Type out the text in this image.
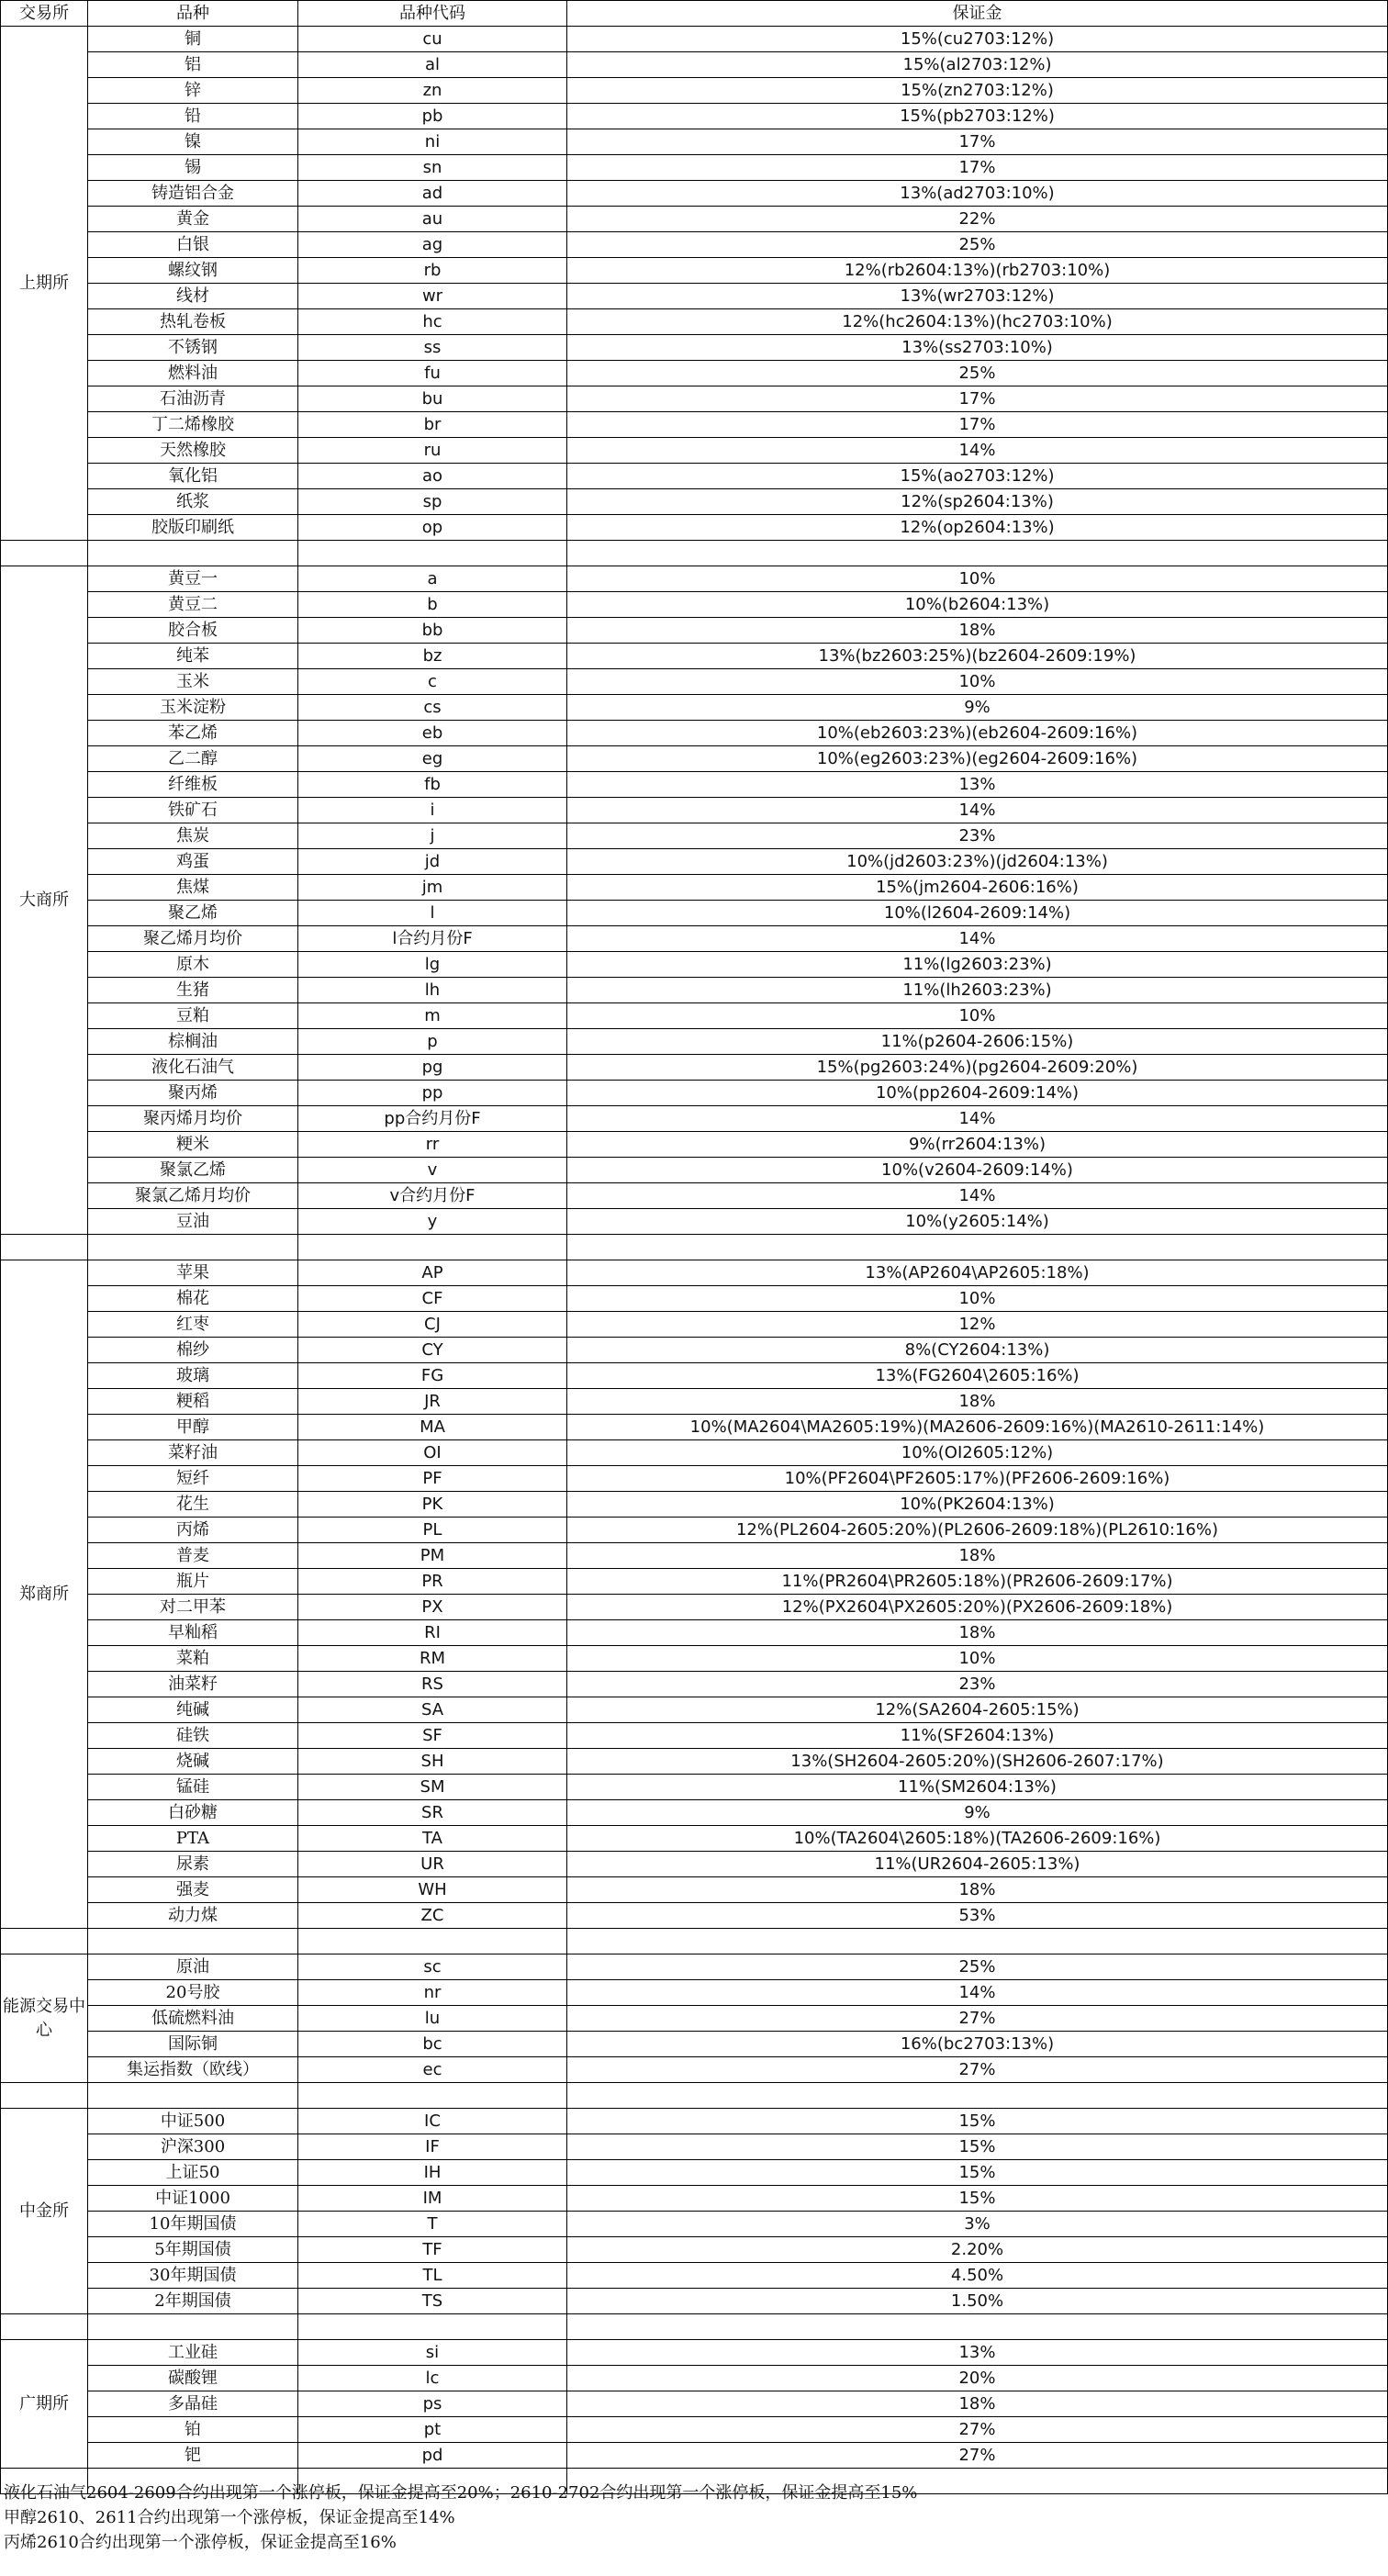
交易所	品种	品种代码	保证金
上期所	铜	cu	15%(cu2703:12%)
	铝	al	15%(al2703:12%)
	锌	zn	15%(zn2703:12%)
	铅	pb	15%(pb2703:12%)
	镍	ni	17%
	锡	sn	17%
	铸造铝合金	ad	13%(ad2703:10%)
	黄金	au	22%
	白银	ag	25%
	螺纹钢	rb	12%(rb2604:13%)(rb2703:10%)
	线材	wr	13%(wr2703:12%)
	热轧卷板	hc	12%(hc2604:13%)(hc2703:10%)
	不锈钢	ss	13%(ss2703:10%)
	燃料油	fu	25%
	石油沥青	bu	17%
	丁二烯橡胶	br	17%
	天然橡胶	ru	14%
	氧化铝	ao	15%(ao2703:12%)
	纸浆	sp	12%(sp2604:13%)
	胶版印刷纸	op	12%(op2604:13%)

大商所	黄豆一	a	10%
	黄豆二	b	10%(b2604:13%)
	胶合板	bb	18%
	纯苯	bz	13%(bz2603:25%)(bz2604-2609:19%)
	玉米	c	10%
	玉米淀粉	cs	9%
	苯乙烯	eb	10%(eb2603:23%)(eb2604-2609:16%)
	乙二醇	eg	10%(eg2603:23%)(eg2604-2609:16%)
	纤维板	fb	13%
	铁矿石	i	14%
	焦炭	j	23%
	鸡蛋	jd	10%(jd2603:23%)(jd2604:13%)
	焦煤	jm	15%(jm2604-2606:16%)
	聚乙烯	l	10%(l2604-2609:14%)
	聚乙烯月均价	l合约月份F	14%
	原木	lg	11%(lg2603:23%)
	生猪	lh	11%(lh2603:23%)
	豆粕	m	10%
	棕榈油	p	11%(p2604-2606:15%)
	液化石油气	pg	15%(pg2603:24%)(pg2604-2609:20%)
	聚丙烯	pp	10%(pp2604-2609:14%)
	聚丙烯月均价	pp合约月份F	14%
	粳米	rr	9%(rr2604:13%)
	聚氯乙烯	v	10%(v2604-2609:14%)
	聚氯乙烯月均价	v合约月份F	14%
	豆油	y	10%(y2605:14%)

郑商所	苹果	AP	13%(AP2604\AP2605:18%)
	棉花	CF	10%
	红枣	CJ	12%
	棉纱	CY	8%(CY2604:13%)
	玻璃	FG	13%(FG2604\2605:16%)
	粳稻	JR	18%
	甲醇	MA	10%(MA2604\MA2605:19%)(MA2606-2609:16%)(MA2610-2611:14%)
	菜籽油	OI	10%(OI2605:12%)
	短纤	PF	10%(PF2604\PF2605:17%)(PF2606-2609:16%)
	花生	PK	10%(PK2604:13%)
	丙烯	PL	12%(PL2604-2605:20%)(PL2606-2609:18%)(PL2610:16%)
	普麦	PM	18%
	瓶片	PR	11%(PR2604\PR2605:18%)(PR2606-2609:17%)
	对二甲苯	PX	12%(PX2604\PX2605:20%)(PX2606-2609:18%)
	早籼稻	RI	18%
	菜粕	RM	10%
	油菜籽	RS	23%
	纯碱	SA	12%(SA2604-2605:15%)
	硅铁	SF	11%(SF2604:13%)
	烧碱	SH	13%(SH2604-2605:20%)(SH2606-2607:17%)
	锰硅	SM	11%(SM2604:13%)
	白砂糖	SR	9%
	PTA	TA	10%(TA2604\2605:18%)(TA2606-2609:16%)
	尿素	UR	11%(UR2604-2605:13%)
	强麦	WH	18%
	动力煤	ZC	53%

能源交易中心	原油	sc	25%
	20号胶	nr	14%
	低硫燃料油	lu	27%
	国际铜	bc	16%(bc2703:13%)
	集运指数（欧线）	ec	27%

中金所	中证500	IC	15%
	沪深300	IF	15%
	上证50	IH	15%
	中证1000	IM	15%
	10年期国债	T	3%
	5年期国债	TF	2.20%
	30年期国债	TL	4.50%
	2年期国债	TS	1.50%

广期所	工业硅	si	13%
	碳酸锂	lc	20%
	多晶硅	ps	18%
	铂	pt	27%
	钯	pd	27%

液化石油气2604-2609合约出现第一个涨停板，保证金提高至20%；2610-2702合约出现第一个涨停板，保证金提高至15%
甲醇2610、2611合约出现第一个涨停板，保证金提高至14%
丙烯2610合约出现第一个涨停板，保证金提高至16%
